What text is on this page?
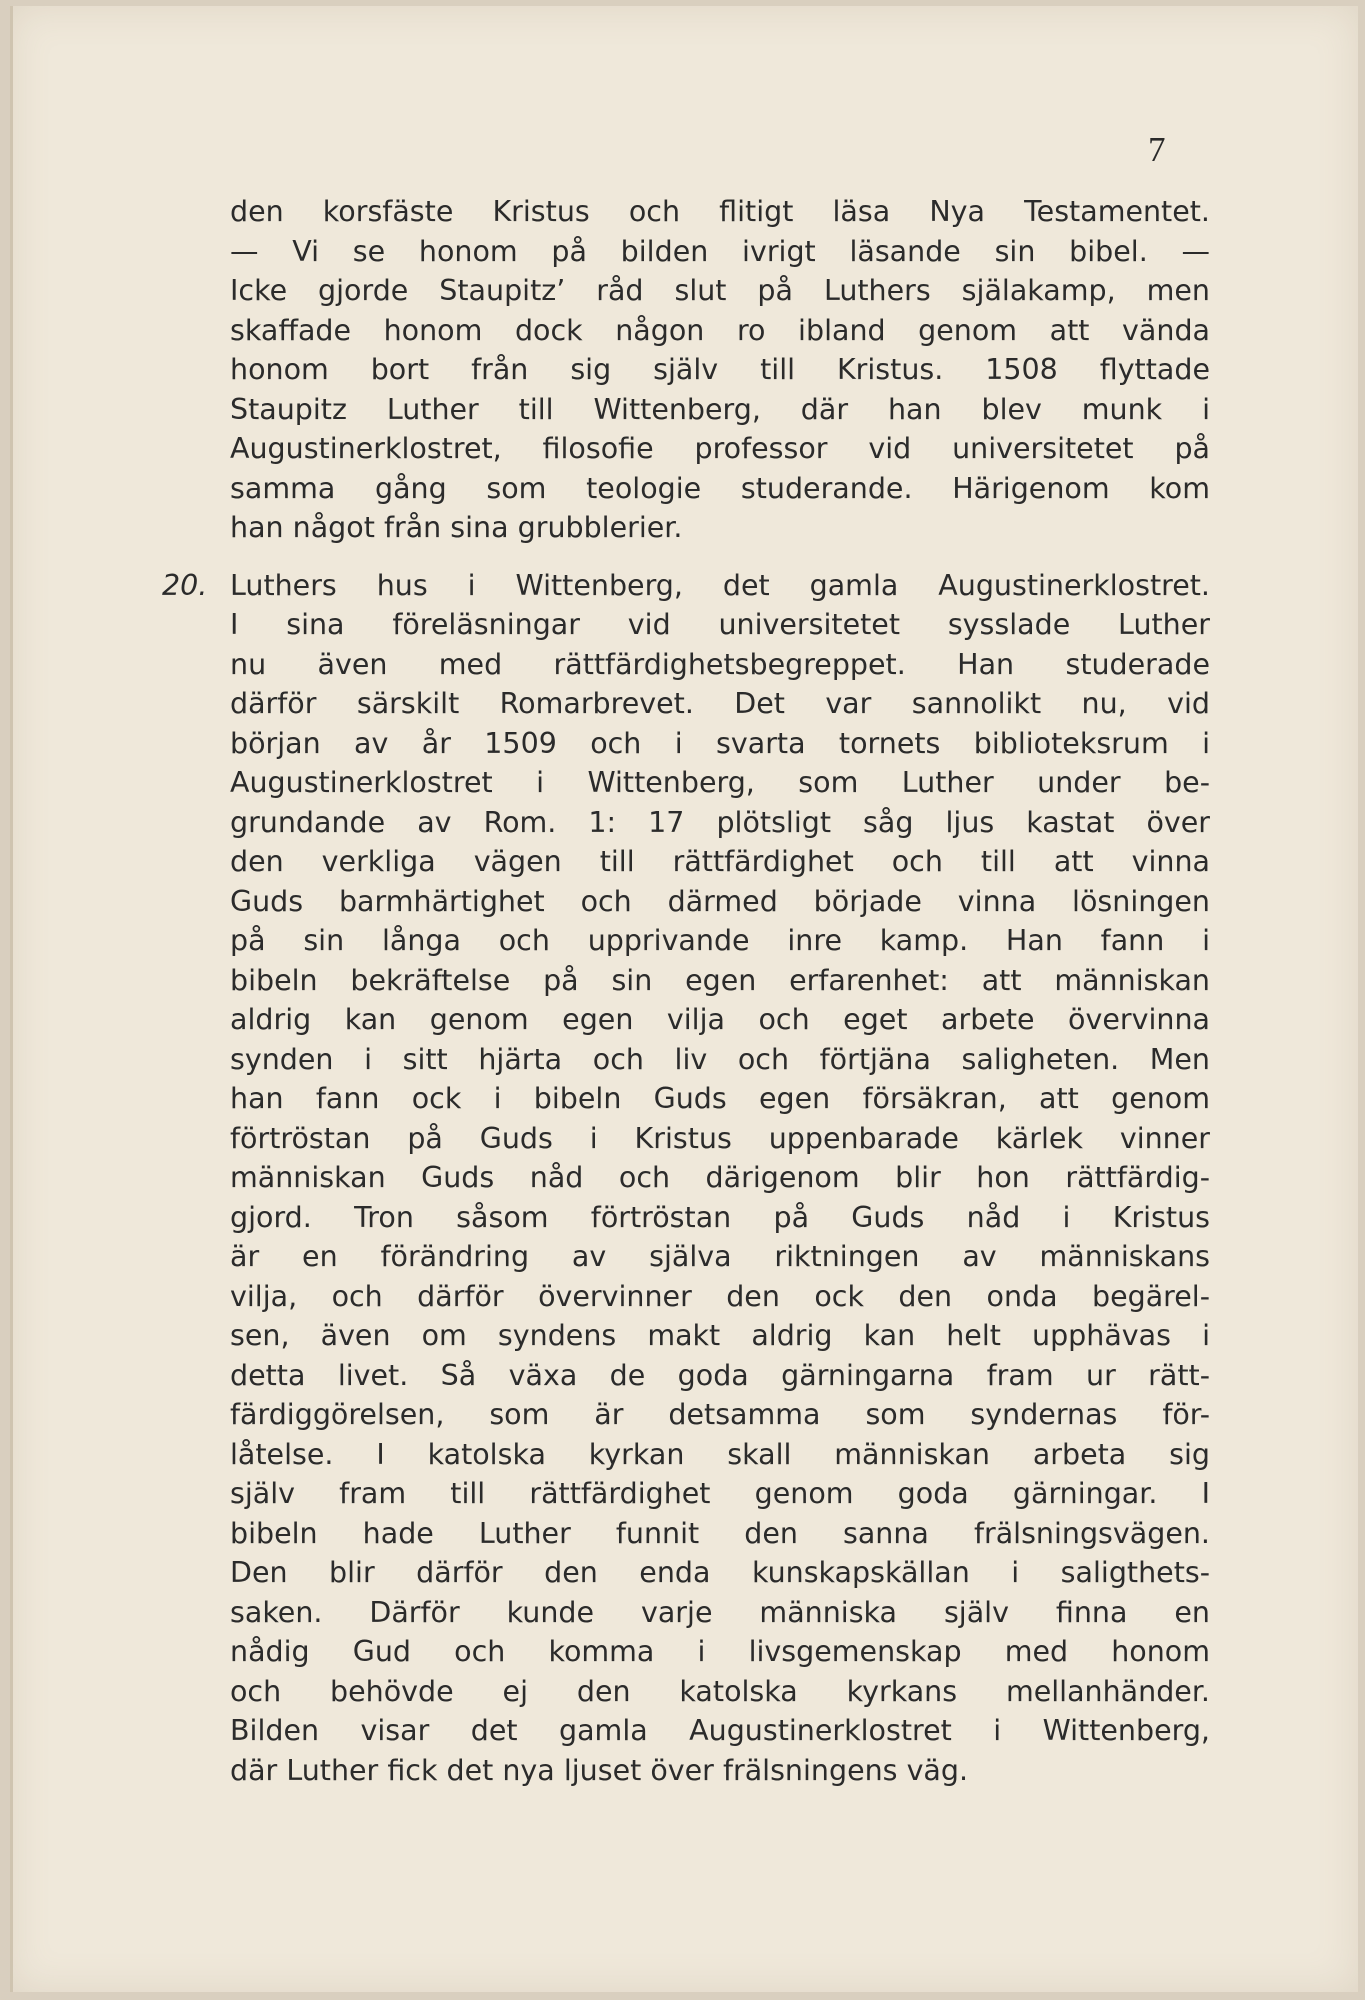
7

den korsfäste Kristus och flitigt läsa Nya Testamentet.
— Vi se honom på bilden ivrigt läsande sin bibel. —
Icke gjorde Staupitz’ råd slut på Luthers själakamp, men
skaffade honom dock någon ro ibland genom att vända
honom bort från sig själv till Kristus. 1508 flyttade
Staupitz Luther till Wittenberg, där han blev munk i
Augustinerklostret, filosofie professor vid universitetet på
samma gång som teologie studerande. Härigenom kom
han något från sina grubblerier.
20. Luthers hus i Wittenberg, det gamla Augustinerklostret.
I sina föreläsningar vid universitetet sysslade Luther
nu även med rättfärdighetsbegreppet. Han studerade
därför särskilt Romarbrevet. Det var sannolikt nu, vid
början av år 1509 och i svarta tornets biblioteksrum i
Augustinerklostret i Wittenberg, som Luther under be-
grundande av Rom. 1: 17 plötsligt såg ljus kastat över
den verkliga vägen till rättfärdighet och till att vinna
Guds barmhärtighet och därmed började vinna lösningen
på sin långa och upprivande inre kamp. Han fann i
bibeln bekräftelse på sin egen erfarenhet: att människan
aldrig kan genom egen vilja och eget arbete övervinna
synden i sitt hjärta och liv och förtjäna saligheten. Men
han fann ock i bibeln Guds egen försäkran, att genom
förtröstan på Guds i Kristus uppenbarade kärlek vinner
människan Guds nåd och därigenom blir hon rättfärdig-
gjord. Tron såsom förtröstan på Guds nåd i Kristus
är en förändring av själva riktningen av människans
vilja, och därför övervinner den ock den onda begärel-
sen, även om syndens makt aldrig kan helt upphävas i
detta livet. Så växa de goda gärningarna fram ur rätt-
färdiggörelsen, som är detsamma som syndernas för-
låtelse. I katolska kyrkan skall människan arbeta sig
själv fram till rättfärdighet genom goda gärningar. I
bibeln hade Luther funnit den sanna frälsningsvägen.
Den blir därför den enda kunskapskällan i saligthets-
saken. Därför kunde varje människa själv finna en
nådig Gud och komma i livsgemenskap med honom
och behövde ej den katolska kyrkans mellanhänder.
Bilden visar det gamla Augustinerklostret i Wittenberg,
där Luther fick det nya ljuset över frälsningens väg.
